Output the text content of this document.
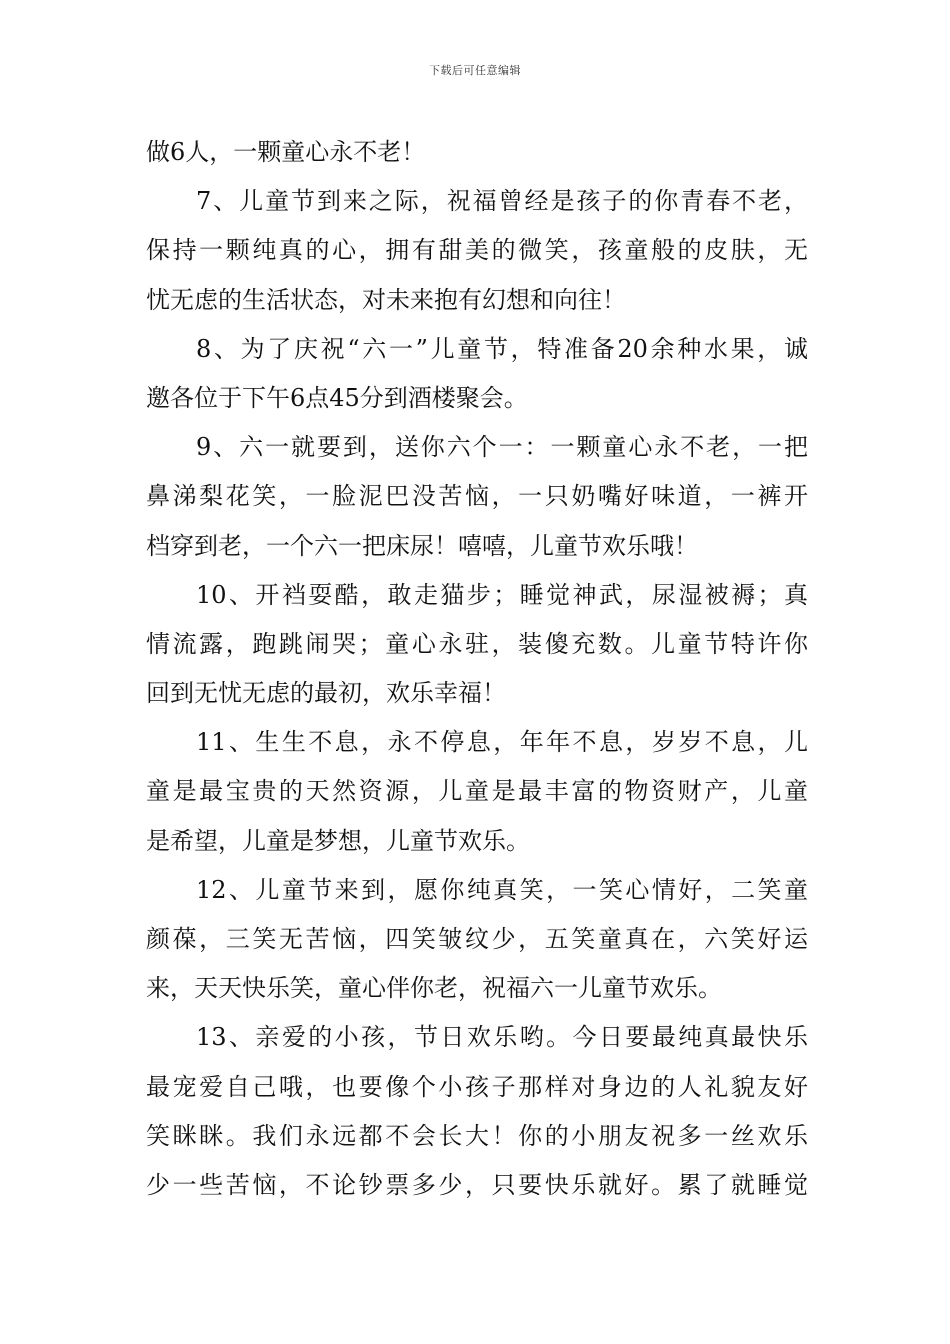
下载后可任意编辑
做6人，一颗童心永不老！
7、儿童节到来之际，祝福曾经是孩子的你青春不老，
保持一颗纯真的心，拥有甜美的微笑，孩童般的皮肤，无
忧无虑的生活状态，对未来抱有幻想和向往！
8、为了庆祝“六一”儿童节，特准备20余种水果，诚
邀各位于下午6点45分到酒楼聚会。
9、六一就要到，送你六个一：一颗童心永不老，一把
鼻涕梨花笑，一脸泥巴没苦恼，一只奶嘴好味道，一裤开
档穿到老，一个六一把床尿！嘻嘻，儿童节欢乐哦！
10、开裆耍酷，敢走猫步；睡觉神武，尿湿被褥；真
情流露，跑跳闹哭；童心永驻，装傻充数。儿童节特许你
回到无忧无虑的最初，欢乐幸福！
11、生生不息，永不停息，年年不息，岁岁不息，儿
童是最宝贵的天然资源，儿童是最丰富的物资财产，儿童
是希望，儿童是梦想，儿童节欢乐。
12、儿童节来到，愿你纯真笑，一笑心情好，二笑童
颜葆，三笑无苦恼，四笑皱纹少，五笑童真在，六笑好运
来，天天快乐笑，童心伴你老，祝福六一儿童节欢乐。
13、亲爱的小孩，节日欢乐哟。今日要最纯真最快乐
最宠爱自己哦，也要像个小孩子那样对身边的人礼貌友好
笑眯眯。我们永远都不会长大！你的小朋友祝多一丝欢乐
少一些苦恼，不论钞票多少，只要快乐就好。累了就睡觉
